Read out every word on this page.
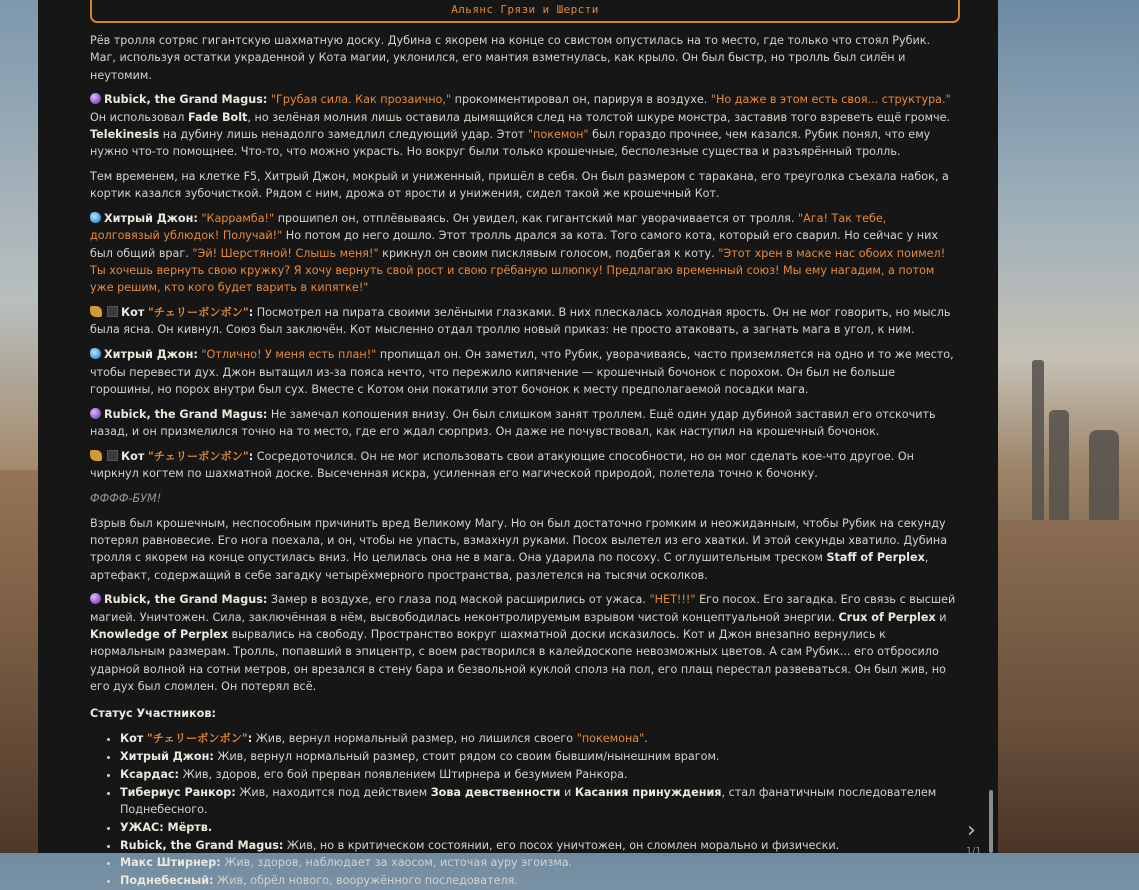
Альянс Грязи и Шерсти

Рёв тролля сотряс гигантскую шахматную доску. Дубина с якорем на конце со свистом опустилась на то место, где только что стоял Рубик. Маг, используя остатки украденной у Кота магии, уклонился, его мантия взметнулась, как крыло. Он был быстр, но тролль был силён и неутомим.

Rubick, the Grand Magus: "Грубая сила. Как прозаично," прокомментировал он, парируя в воздухе. "Но даже в этом есть своя... структура." Он использовал Fade Bolt, но зелёная молния лишь оставила дымящийся след на толстой шкуре монстра, заставив того взреветь ещё громче. Telekinesis на дубину лишь ненадолго замедлил следующий удар. Этот "покемон" был гораздо прочнее, чем казался. Рубик понял, что ему нужно что-то помощнее. Что-то, что можно украсть. Но вокруг были только крошечные, бесполезные существа и разъярённый тролль.

Тем временем, на клетке F5, Хитрый Джон, мокрый и униженный, пришёл в себя. Он был размером с таракана, его треуголка съехала набок, а кортик казался зубочисткой. Рядом с ним, дрожа от ярости и унижения, сидел такой же крошечный Кот.

Хитрый Джон: "Каррамба!" прошипел он, отплёвываясь. Он увидел, как гигантский маг уворачивается от тролля. "Ага! Так тебе, долговязый ублюдок! Получай!" Но потом до него дошло. Этот тролль дрался за кота. Того самого кота, который его сварил. Но сейчас у них был общий враг. "Эй! Шерстяной! Слышь меня!" крикнул он своим писклявым голосом, подбегая к коту. "Этот хрен в маске нас обоих поимел! Ты хочешь вернуть свою кружку? Я хочу вернуть свой рост и свою грёбаную шлюпку! Предлагаю временный союз! Мы ему нагадим, а потом уже решим, кто кого будет варить в кипятке!"

Кот "チェリーボンボン": Посмотрел на пирата своими зелёными глазками. В них плескалась холодная ярость. Он не мог говорить, но мысль была ясна. Он кивнул. Союз был заключён. Кот мысленно отдал троллю новый приказ: не просто атаковать, а загнать мага в угол, к ним.

Хитрый Джон: "Отлично! У меня есть план!" пропищал он. Он заметил, что Рубик, уворачиваясь, часто приземляется на одно и то же место, чтобы перевести дух. Джон вытащил из-за пояса нечто, что пережило кипячение — крошечный бочонок с порохом. Он был не больше горошины, но порох внутри был сух. Вместе с Котом они покатили этот бочонок к месту предполагаемой посадки мага.

Rubick, the Grand Magus: Не замечал копошения внизу. Он был слишком занят троллем. Ещё один удар дубиной заставил его отскочить назад, и он призмелился точно на то место, где его ждал сюрприз. Он даже не почувствовал, как наступил на крошечный бочонок.

Кот "チェリーボンボン": Сосредоточился. Он не мог использовать свои атакующие способности, но он мог сделать кое-что другое. Он чиркнул когтем по шахматной доске. Высеченная искра, усиленная его магической природой, полетела точно к бочонку.

ФФФФ-БУМ!

Взрыв был крошечным, неспособным причинить вред Великому Магу. Но он был достаточно громким и неожиданным, чтобы Рубик на секунду потерял равновесие. Его нога поехала, и он, чтобы не упасть, взмахнул руками. Посох вылетел из его хватки. И этой секунды хватило. Дубина тролля с якорем на конце опустилась вниз. Но целилась она не в мага. Она ударила по посоху. С оглушительным треском Staff of Perplex, артефакт, содержащий в себе загадку четырёхмерного пространства, разлетелся на тысячи осколков.

Rubick, the Grand Magus: Замер в воздухе, его глаза под маской расширились от ужаса. "НЕТ!!!" Его посох. Его загадка. Его связь с высшей магией. Уничтожен. Сила, заключённая в нём, высвободилась неконтролируемым взрывом чистой концептуальной энергии. Crux of Perplex и Knowledge of Perplex вырвались на свободу. Пространство вокруг шахматной доски исказилось. Кот и Джон внезапно вернулись к нормальным размерам. Тролль, попавший в эпицентр, с воем растворился в калейдоскопе невозможных цветов. А сам Рубик... его отбросило ударной волной на сотни метров, он врезался в стену бара и безвольной куклой сполз на пол, его плащ перестал развеваться. Он был жив, но его дух был сломлен. Он потерял всё.

Статус Участников:

• Кот "チェリーボンボン": Жив, вернул нормальный размер, но лишился своего "покемона".
• Хитрый Джон: Жив, вернул нормальный размер, стоит рядом со своим бывшим/нынешним врагом.
• Ксардас: Жив, здоров, его бой прерван появлением Штирнера и безумием Ранкора.
• Тибериус Ранкор: Жив, находится под действием Зова девственности и Касания принуждения, стал фанатичным последователем Поднебесного.
• УЖАС: Мёртв.
• Rubick, the Grand Magus: Жив, но в критическом состоянии, его посох уничтожен, он сломлен морально и физически.
• Макс Штирнер: Жив, здоров, наблюдает за хаосом, источая ауру эгоизма.
• Поднебесный: Жив, обрёл нового, вооружённого последователя.
›
1/1
